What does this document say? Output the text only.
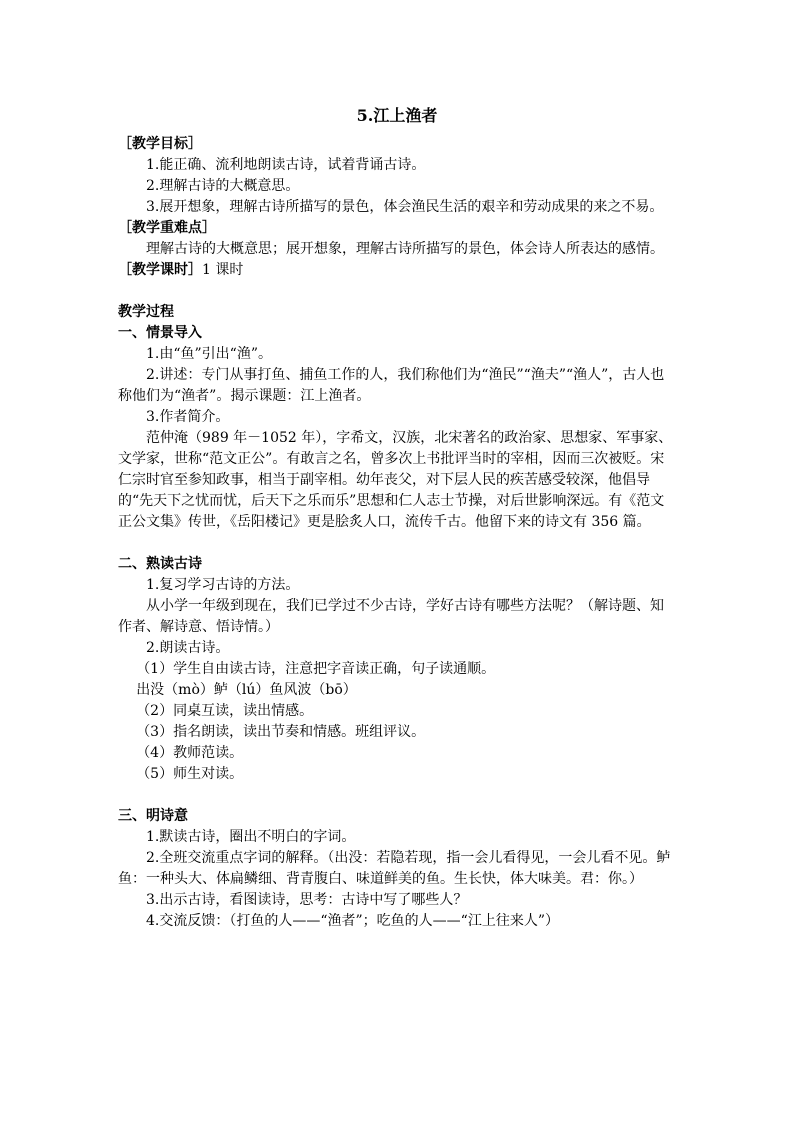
5.江上渔者

［教学目标］

1.能正确、流利地朗读古诗，试着背诵古诗。

2.理解古诗的大概意思。

3.展开想象，理解古诗所描写的景色，体会渔民生活的艰辛和劳动成果的来之不易。

［教学重难点］

理解古诗的大概意思；展开想象，理解古诗所描写的景色，体会诗人所表达的感情。

［教学课时］1 课时

教学过程

一、情景导入

1.由“鱼”引出“渔”。

2.讲述：专门从事打鱼、捕鱼工作的人，我们称他们为“渔民”“渔夫”“渔人”，古人也称他们为“渔者”。揭示课题：江上渔者。

3.作者简介。

范仲淹（989 年－1052 年），字希文，汉族，北宋著名的政治家、思想家、军事家、文学家，世称“范文正公”。有敢言之名，曾多次上书批评当时的宰相，因而三次被贬。宋仁宗时官至参知政事，相当于副宰相。幼年丧父，对下层人民的疾苦感受较深，他倡导的“先天下之忧而忧，后天下之乐而乐”思想和仁人志士节操，对后世影响深远。有《范文正公文集》传世，《岳阳楼记》更是脍炙人口，流传千古。他留下来的诗文有 356 篇。

二、熟读古诗

1.复习学习古诗的方法。

从小学一年级到现在，我们已学过不少古诗，学好古诗有哪些方法呢？（解诗题、知作者、解诗意、悟诗情。）

2.朗读古诗。

（1）学生自由读古诗，注意把字音读正确，句子读通顺。

出没（mò）鲈（lú）鱼风波（bō）

（2）同桌互读，读出情感。

（3）指名朗读，读出节奏和情感。班组评议。

（4）教师范读。

（5）师生对读。

三、明诗意

1.默读古诗，圈出不明白的字词。

2.全班交流重点字词的解释。（出没：若隐若现，指一会儿看得见，一会儿看不见。鲈鱼：一种头大、体扁鳞细、背青腹白、味道鲜美的鱼。生长快，体大味美。君：你。）

3.出示古诗，看图读诗，思考：古诗中写了哪些人？

4.交流反馈：（打鱼的人——“渔者”；吃鱼的人——“江上往来人”）
